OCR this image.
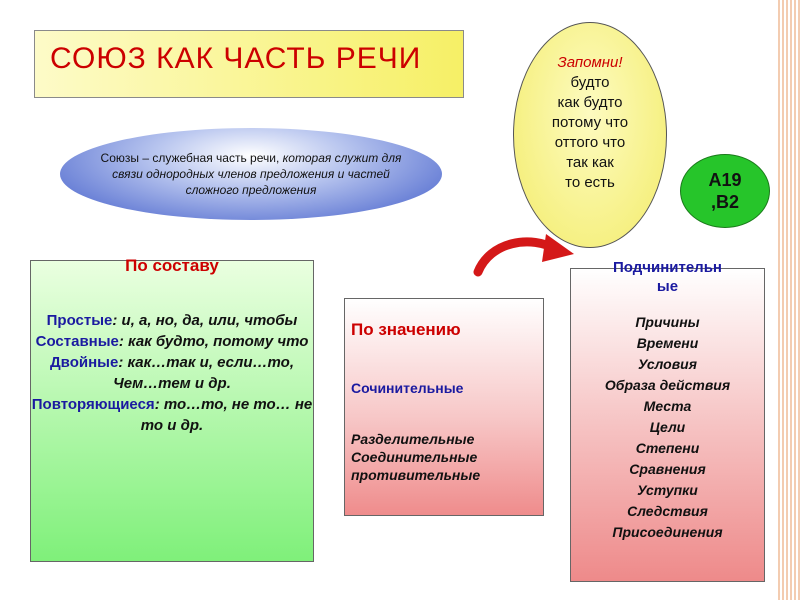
СОЮЗ КАК ЧАСТЬ РЕЧИ
Союзы – служебная часть речи, которая служит для связи однородных членов предложения и частей сложного предложения
Запомни!
будто
как будто
потому что
оттого что
так как
то есть	А19 ,В2
По составу
Простые: и, а, но, да, или, чтобы
Составные: как будто, потому что
Двойные: как…так и, если…то, Чем…тем и др.
Повторяющиеся: то…то, не то… не то и др.
По значению
Сочинительные
Разделительные
Соединительные
противительные
Подчинительные
Причины
Времени
Условия
Образа действия
Места
Цели
Степени
Сравнения
Уступки
Следствия
Присоединения
